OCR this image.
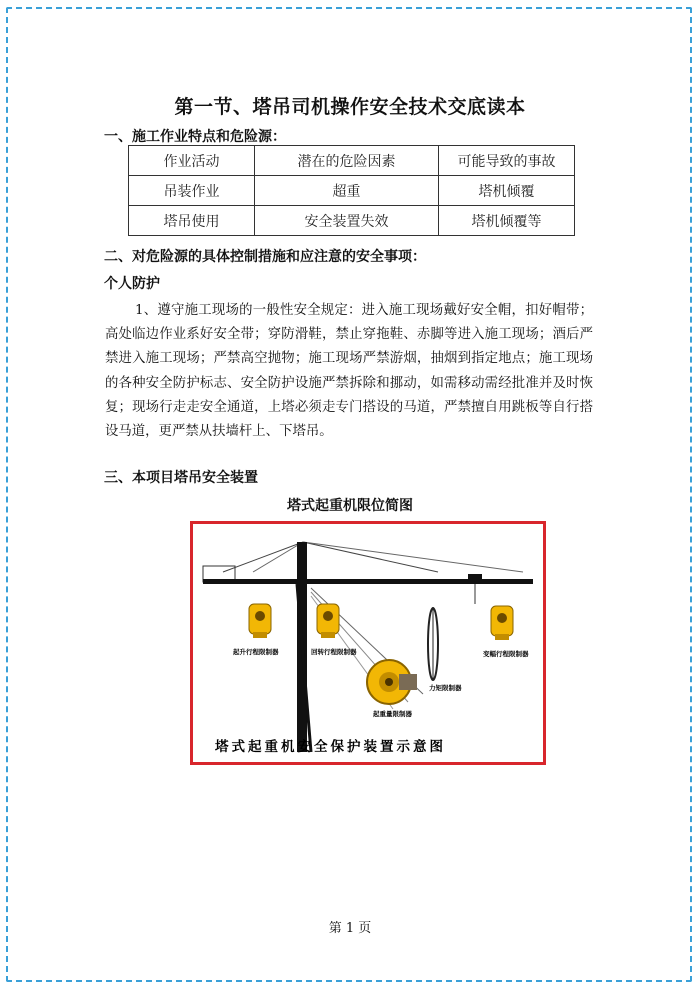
第一节、塔吊司机操作安全技术交底读本
一、施工作业特点和危险源：
作业活动	潜在的危险因素	可能导致的事故
吊装作业	超重	塔机倾覆
塔吊使用	安全装置失效	塔机倾覆等
二、对危险源的具体控制措施和应注意的安全事项：
个人防护
1、遵守施工现场的一般性安全规定：进入施工现场戴好安全帽，扣好帽带；高处临边作业系好安全带；穿防滑鞋，禁止穿拖鞋、赤脚等进入施工现场；酒后严禁进入施工现场；严禁高空抛物；施工现场严禁游烟，抽烟到指定地点；施工现场的各种安全防护标志、安全防护设施严禁拆除和挪动，如需移动需经批准并及时恢复；现场行走走安全通道，上塔必须走专门搭设的马道，严禁擅自用跳板等自行搭设马道，更严禁从扶墙杆上、下塔吊。
三、本项目塔吊安全装置
塔式起重机限位简图
起升行程限制器	回转行程限制器	变幅行程限制器
力矩限制器
起重量限制器
塔式起重机安全保护装置示意图
第 1 页
